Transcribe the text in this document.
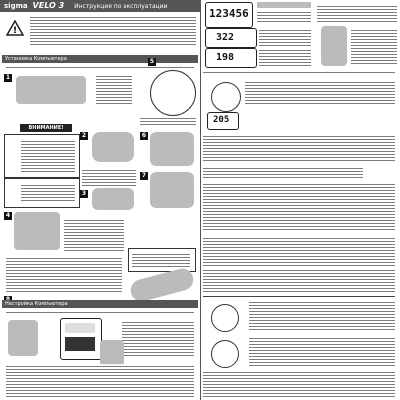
sigma VELO 3 Инструкция по эксплуатации
!
Установка Компьютера
1
5
ВНИМАНИЕ!
2
3
6
7
4
Настройка Компьютера
123456
322
198
205
